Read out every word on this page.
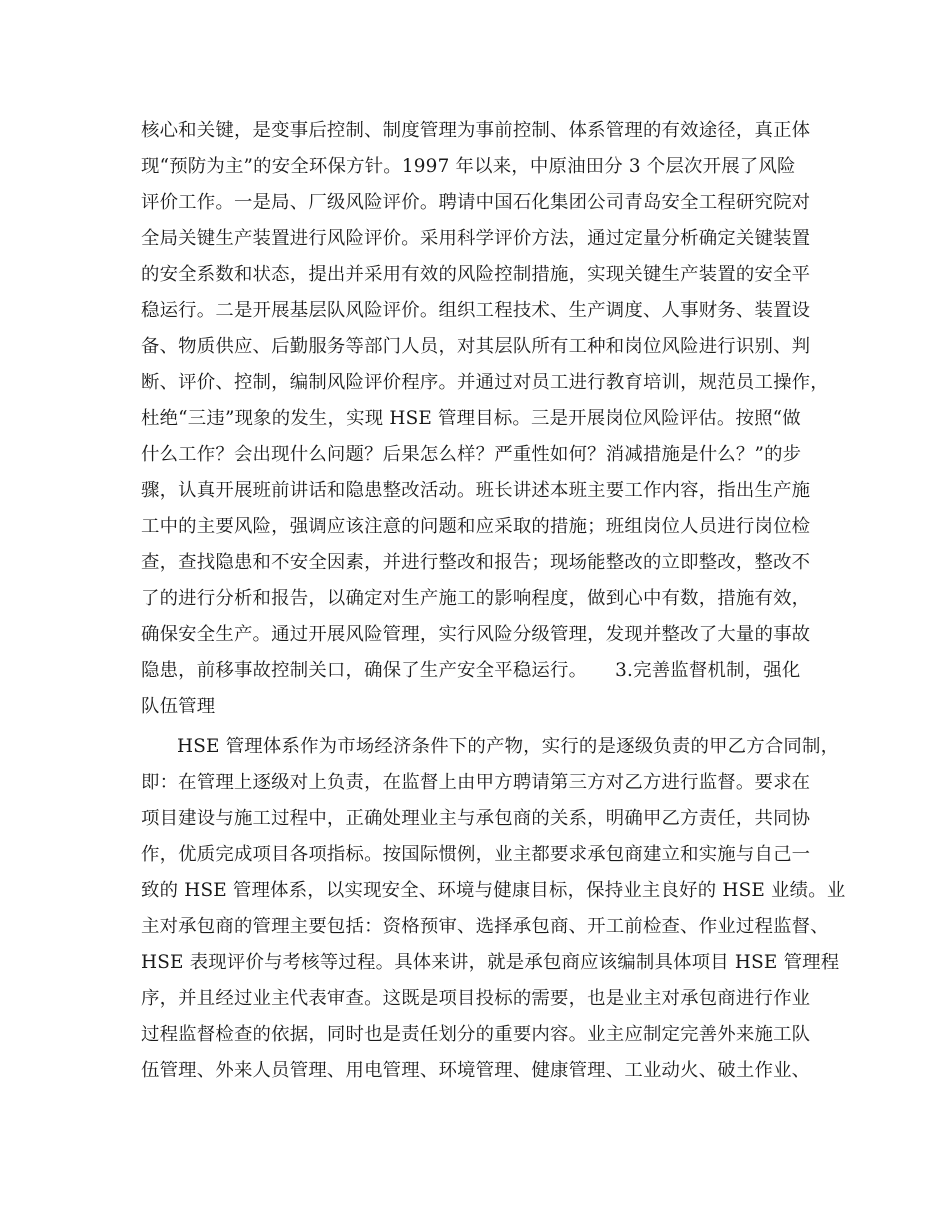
核心和关键，是变事后控制、制度管理为事前控制、体系管理的有效途径，真正体
现“预防为主”的安全环保方针。1997 年以来，中原油田分 3 个层次开展了风险
评价工作。一是局、厂级风险评价。聘请中国石化集团公司青岛安全工程研究院对
全局关键生产装置进行风险评价。采用科学评价方法，通过定量分析确定关键装置
的安全系数和状态，提出并采用有效的风险控制措施，实现关键生产装置的安全平
稳运行。二是开展基层队风险评价。组织工程技术、生产调度、人事财务、装置设
备、物质供应、后勤服务等部门人员，对其层队所有工种和岗位风险进行识别、判
断、评价、控制，编制风险评价程序。并通过对员工进行教育培训，规范员工操作，
杜绝“三违”现象的发生，实现 HSE 管理目标。三是开展岗位风险评估。按照“做
什么工作？会出现什么问题？后果怎么样？严重性如何？消减措施是什么？”的步
骤，认真开展班前讲话和隐患整改活动。班长讲述本班主要工作内容，指出生产施
工中的主要风险，强调应该注意的问题和应采取的措施；班组岗位人员进行岗位检
查，查找隐患和不安全因素，并进行整改和报告；现场能整改的立即整改，整改不
了的进行分析和报告，以确定对生产施工的影响程度，做到心中有数，措施有效，
确保安全生产。通过开展风险管理，实行风险分级管理，发现并整改了大量的事故
隐患，前移事故控制关口，确保了生产安全平稳运行。　　3.完善监督机制，强化
队伍管理
HSE 管理体系作为市场经济条件下的产物，实行的是逐级负责的甲乙方合同制，
即：在管理上逐级对上负责，在监督上由甲方聘请第三方对乙方进行监督。要求在
项目建设与施工过程中，正确处理业主与承包商的关系，明确甲乙方责任，共同协
作，优质完成项目各项指标。按国际惯例，业主都要求承包商建立和实施与自己一
致的 HSE 管理体系，以实现安全、环境与健康目标，保持业主良好的 HSE 业绩。业
主对承包商的管理主要包括：资格预审、选择承包商、开工前检查、作业过程监督、
HSE 表现评价与考核等过程。具体来讲，就是承包商应该编制具体项目 HSE 管理程
序，并且经过业主代表审查。这既是项目投标的需要，也是业主对承包商进行作业
过程监督检查的依据，同时也是责任划分的重要内容。业主应制定完善外来施工队
伍管理、外来人员管理、用电管理、环境管理、健康管理、工业动火、破土作业、
